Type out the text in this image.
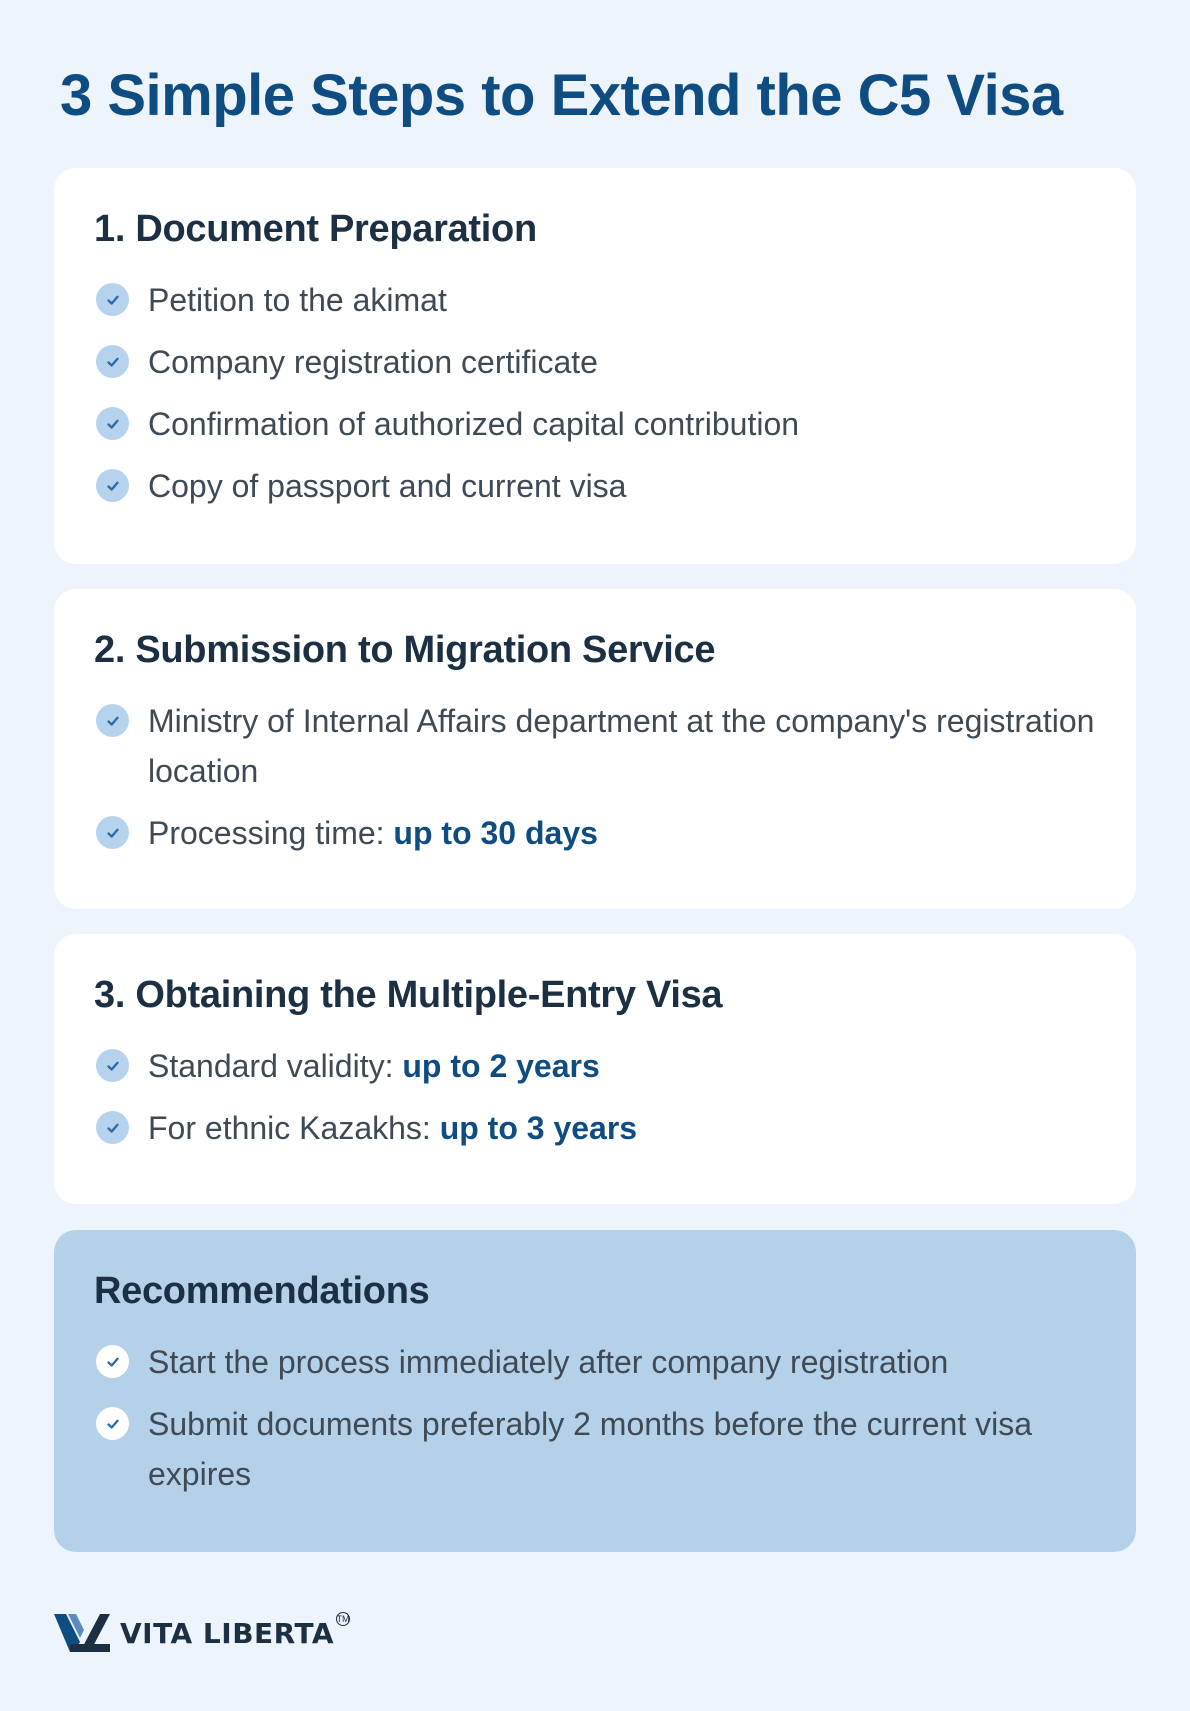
3 Simple Steps to Extend the C5 Visa
1. Document Preparation
Petition to the akimat
Company registration certificate
Confirmation of authorized capital contribution
Copy of passport and current visa
2. Submission to Migration Service
Ministry of Internal Affairs department at the company's registration location
Processing time: up to 30 days
3. Obtaining the Multiple-Entry Visa
Standard validity: up to 2 years
For ethnic Kazakhs: up to 3 years
Recommendations
Start the process immediately after company registration
Submit documents preferably 2 months before the current visa expires
VITA LIBERTA TM
